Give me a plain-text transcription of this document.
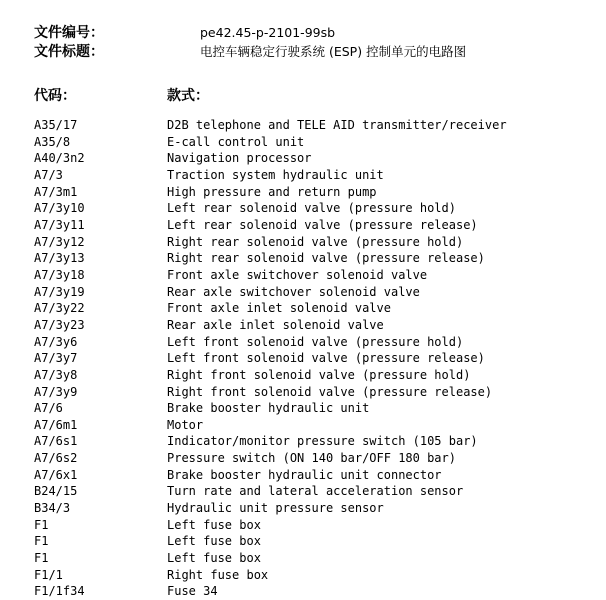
文件编号：	pe42.45-p-2101-99sb
文件标题：	电控车辆稳定行驶系统 (ESP) 控制单元的电路图
代码：	款式：
A35/17	D2B telephone and TELE AID transmitter/receiver
A35/8	E-call control unit
A40/3n2	Navigation processor
A7/3	Traction system hydraulic unit
A7/3m1	High pressure and return pump
A7/3y10	Left rear solenoid valve (pressure hold)
A7/3y11	Left rear solenoid valve (pressure release)
A7/3y12	Right rear solenoid valve (pressure hold)
A7/3y13	Right rear solenoid valve (pressure release)
A7/3y18	Front axle switchover solenoid valve
A7/3y19	Rear axle switchover solenoid valve
A7/3y22	Front axle inlet solenoid valve
A7/3y23	Rear axle inlet solenoid valve
A7/3y6	Left front solenoid valve (pressure hold)
A7/3y7	Left front solenoid valve (pressure release)
A7/3y8	Right front solenoid valve (pressure hold)
A7/3y9	Right front solenoid valve (pressure release)
A7/6	Brake booster hydraulic unit
A7/6m1	Motor
A7/6s1	Indicator/monitor pressure switch (105 bar)
A7/6s2	Pressure switch (ON 140 bar/OFF 180 bar)
A7/6x1	Brake booster hydraulic unit connector
B24/15	Turn rate and lateral acceleration sensor
B34/3	Hydraulic unit pressure sensor
F1	Left fuse box
F1	Left fuse box
F1	Left fuse box
F1/1	Right fuse box
F1/1f34	Fuse 34
